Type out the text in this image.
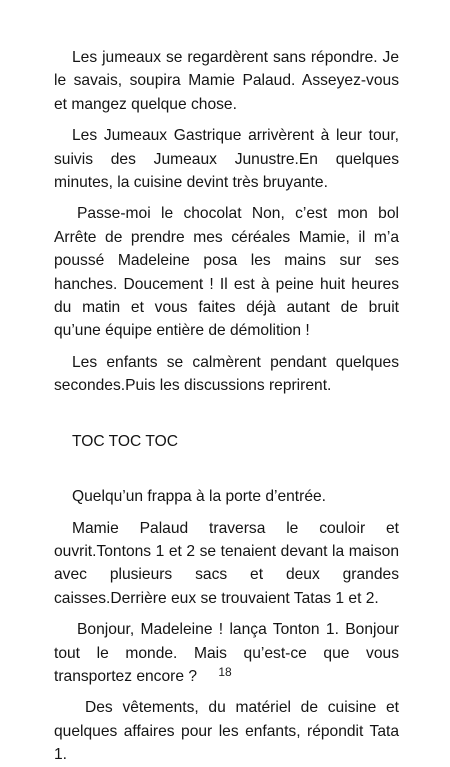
Les jumeaux se regardèrent sans répondre. Je le savais, soupira Mamie Palaud. Asseyez-vous et mangez quelque chose.

Les Jumeaux Gastrique arrivèrent à leur tour, suivis des Jumeaux Junustre.En quelques minutes, la cuisine devint très bruyante.

Passe-moi le chocolat Non, c’est mon bol Arrête de prendre mes céréales Mamie, il m’a poussé Madeleine posa les mains sur ses hanches. Doucement ! Il est à peine huit heures du matin et vous faites déjà autant de bruit qu’une équipe entière de démolition !

Les enfants se calmèrent pendant quelques secondes.Puis les discussions reprirent.

TOC TOC TOC

Quelqu’un frappa à la porte d’entrée.

Mamie Palaud traversa le couloir et ouvrit.Tontons 1 et 2 se tenaient devant la maison avec plusieurs sacs et deux grandes caisses.Derrière eux se trouvaient Tatas 1 et 2.

Bonjour, Madeleine ! lança Tonton 1. Bonjour tout le monde. Mais qu’est-ce que vous transportez encore ?

Des vêtements, du matériel de cuisine et quelques affaires pour les enfants, répondit Tata 1.

18
